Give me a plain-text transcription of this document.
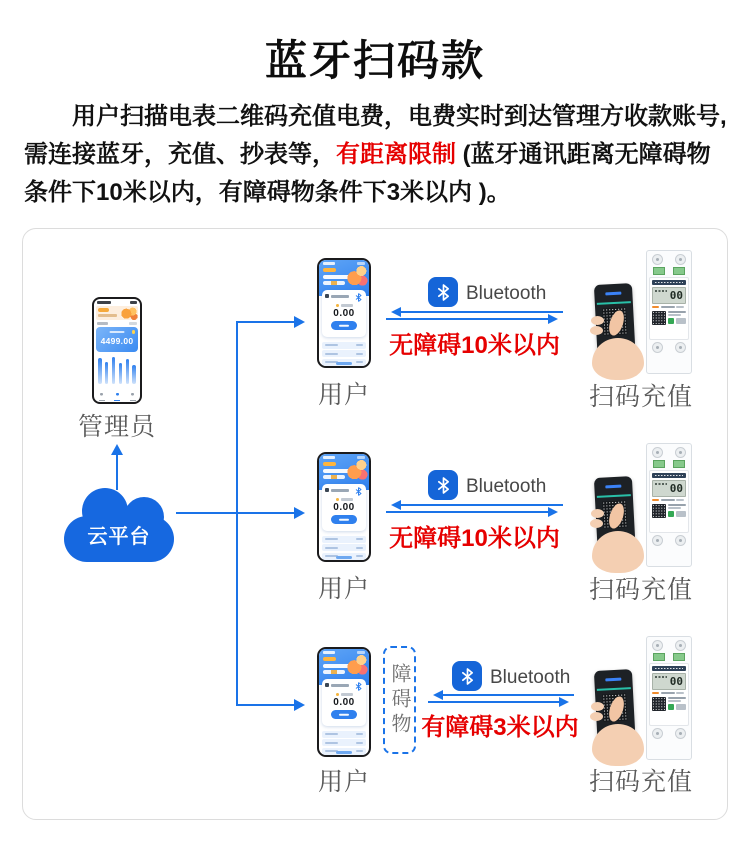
蓝牙扫码款

用户扫描电表二维码充值电费，电费实时到达管理方收款账号,需连接蓝牙，充值、抄表等，有距离限制 (蓝牙通讯距离无障碍物条件下10米以内，有障碍物条件下3米以内 )。

4499.00
管理员
云平台
0.00
用户
Bluetooth
无障碍10米以内
00
扫码充值
0.00
用户
Bluetooth
无障碍10米以内
00
扫码充值
0.00
用户
障碍物	Bluetooth
有障碍3米以内
00
扫码充值
